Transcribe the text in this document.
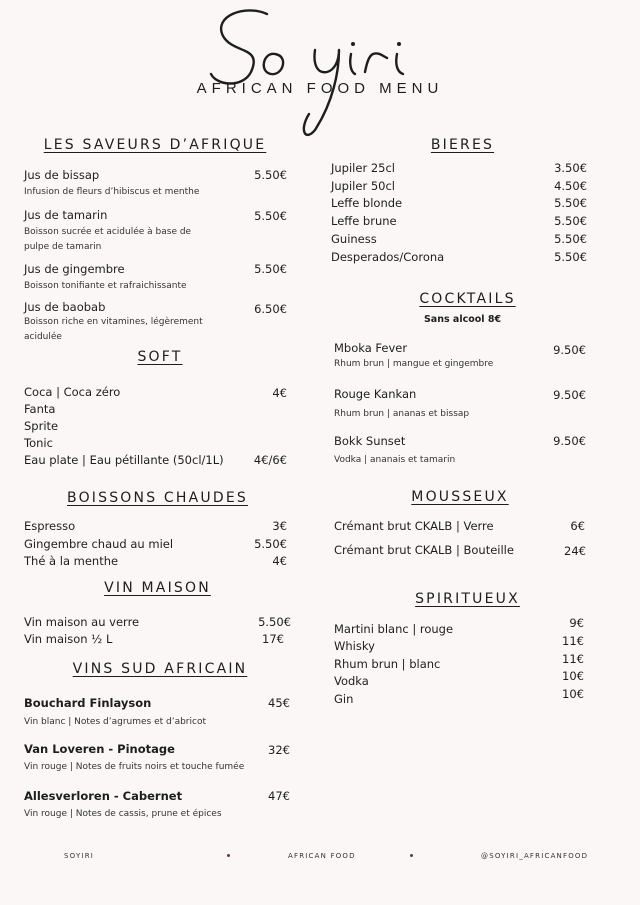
AFRICAN FOOD MENU
LES SAVEURS D’AFRIQUE
Jus de bissap	5.50€
Infusion de fleurs d’hibiscus et menthe
Jus de tamarin	5.50€
Boisson sucrée et acidulée à base de
pulpe de tamarin
Jus de gingembre	5.50€
Boisson tonifiante et rafraichissante
Jus de baobab	6.50€
Boisson riche en vitamines, légèrement
acidulée
SOFT
Coca | Coca zéro	4€
Fanta
Sprite
Tonic
Eau plate | Eau pétillante (50cl/1L)	4€/6€
BOISSONS CHAUDES
Espresso	3€
Gingembre chaud au miel	5.50€
Thé à la menthe	4€
VIN MAISON
Vin maison au verre	5.50€
Vin maison ½ L	17€
VINS SUD AFRICAIN
Bouchard Finlayson	45€
Vin blanc | Notes d’agrumes et d’abricot
Van Loveren - Pinotage	32€
Vin rouge | Notes de fruits noirs et touche fumée
Allesverloren - Cabernet	47€
Vin rouge | Notes de cassis, prune et épices
BIERES
Jupiler 25cl	3.50€
Jupiler 50cl	4.50€
Leffe blonde	5.50€
Leffe brune	5.50€
Guiness	5.50€
Desperados/Corona	5.50€
COCKTAILS
Sans alcool 8€
Mboka Fever	9.50€
Rhum brun | mangue et gingembre
Rouge Kankan	9.50€
Rhum brun | ananas et bissap
Bokk Sunset	9.50€
Vodka | ananais et tamarin
MOUSSEUX
Crémant brut CKALB | Verre	6€
Crémant brut CKALB | Bouteille	24€
SPIRITUEUX
Martini blanc | rouge	9€
Whisky	11€
Rhum brun | blanc	11€
Vodka	10€
Gin	10€
SOYIRI	AFRICAN FOOD	@SOYIRI_AFRICANFOOD
